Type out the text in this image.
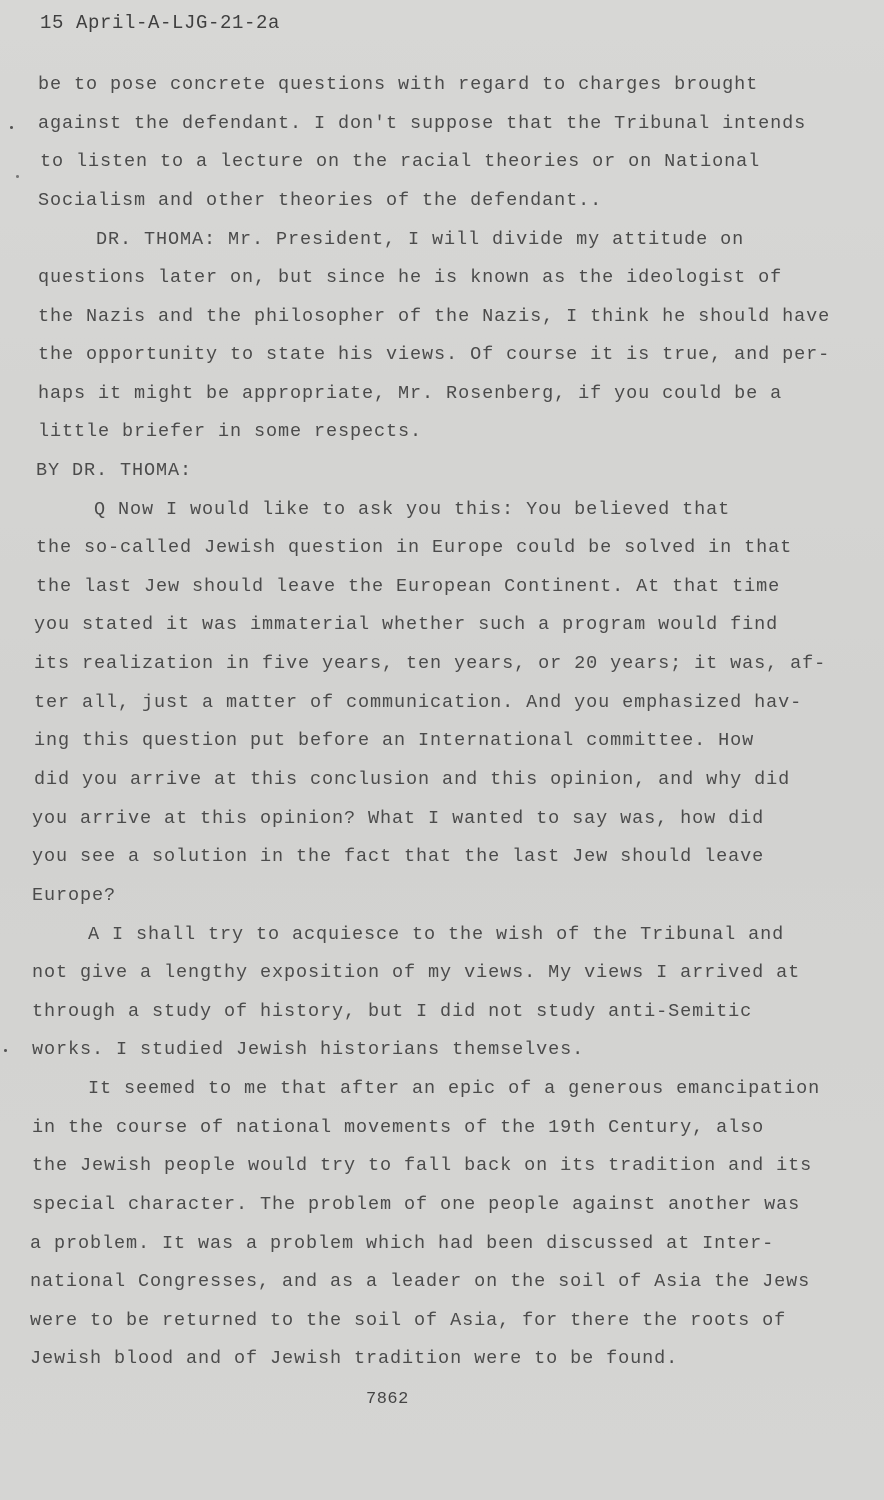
15 April-A-LJG-21-2a
be to pose concrete questions with regard to charges brought
against the defendant. I don't suppose that the Tribunal intends
to listen to a lecture on the racial theories or on National
Socialism and other theories of the defendant..
DR. THOMA: Mr. President, I will divide my attitude on
questions later on, but since he is known as the ideologist of
the Nazis and the philosopher of the Nazis, I think he should have
the opportunity to state his views. Of course it is true, and per-
haps it might be appropriate, Mr. Rosenberg, if you could be a
little briefer in some respects.
BY DR. THOMA:
Q Now I would like to ask you this: You believed that
the so-called Jewish question in Europe could be solved in that
the last Jew should leave the European Continent. At that time
you stated it was immaterial whether such a program would find
its realization in five years, ten years, or 20 years; it was, af-
ter all, just a matter of communication. And you emphasized hav-
ing this question put before an International committee. How
did you arrive at this conclusion and this opinion, and why did
you arrive at this opinion? What I wanted to say was, how did
you see a solution in the fact that the last Jew should leave
Europe?
A I shall try to acquiesce to the wish of the Tribunal and
not give a lengthy exposition of my views. My views I arrived at
through a study of history, but I did not study anti-Semitic
works. I studied Jewish historians themselves.
It seemed to me that after an epic of a generous emancipation
in the course of national movements of the 19th Century, also
the Jewish people would try to fall back on its tradition and its
special character. The problem of one people against another was
a problem. It was a problem which had been discussed at Inter-
national Congresses, and as a leader on the soil of Asia the Jews
were to be returned to the soil of Asia, for there the roots of
Jewish blood and of Jewish tradition were to be found.
7862
